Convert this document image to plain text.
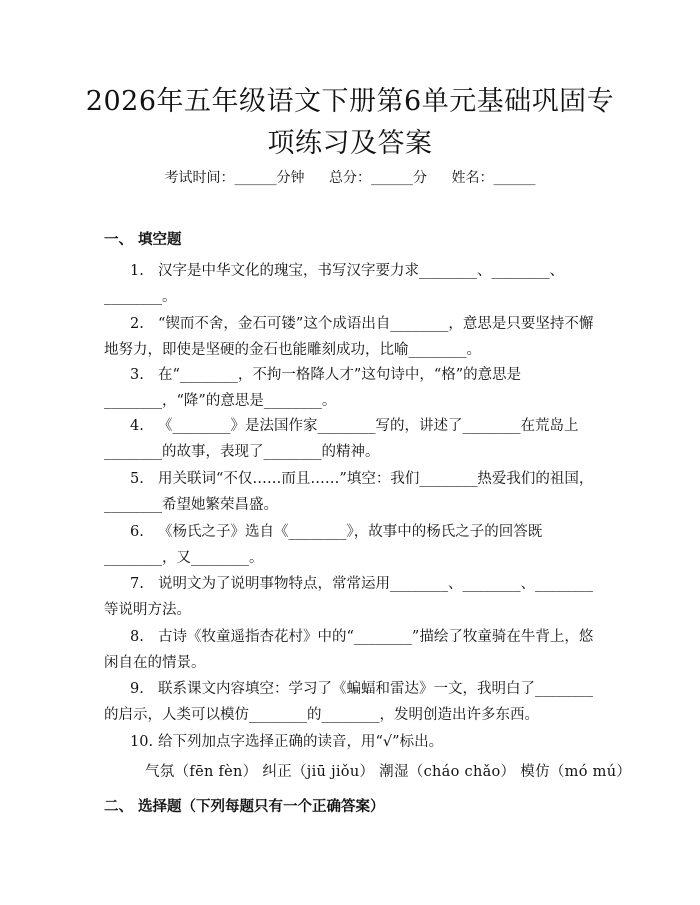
2026年五年级语文下册第6单元基础巩固专
项练习及答案
考试时间：______分钟 总分：______分 姓名：______
一、 填空题
1. 汉字是中华文化的瑰宝，书写汉字要力求________、________、________。
2. “锲而不舍，金石可镂”这个成语出自________，意思是只要坚持不懈地努力，即使是坚硬的金石也能雕刻成功，比喻________。
3. 在“________，不拘一格降人才”这句诗中，“格”的意思是________，“降”的意思是________。
4. 《________》是法国作家________写的，讲述了________在荒岛上________的故事，表现了________的精神。
5. 用关联词“不仅……而且……”填空：我们________热爱我们的祖国，________希望她繁荣昌盛。
6. 《杨氏之子》选自《________》，故事中的杨氏之子的回答既________，又________。
7. 说明文为了说明事物特点，常常运用________、________、________等说明方法。
8. 古诗《牧童遥指杏花村》中的“________”描绘了牧童骑在牛背上，悠闲自在的情景。
9. 联系课文内容填空：学习了《蝙蝠和雷达》一文，我明白了________的启示，人类可以模仿________的________，发明创造出许多东西。
10. 给下列加点字选择正确的读音，用“√”标出。
气氛（fēn fèn） 纠正（jiū jiǒu） 潮湿（cháo chǎo） 模仿（mó mú）
二、 选择题（下列每题只有一个正确答案）
